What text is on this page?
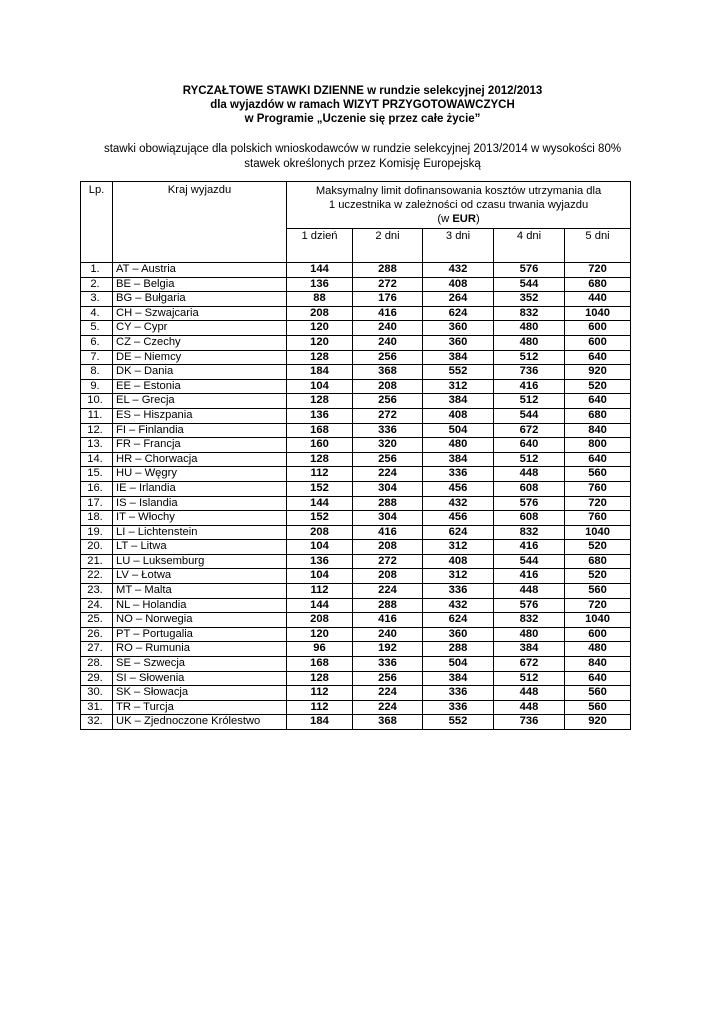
RYCZAŁTOWE STAWKI DZIENNE w rundzie selekcyjnej 2012/2013
dla wyjazdów w ramach WIZYT PRZYGOTOWAWCZYCH
w Programie „Uczenie się przez całe życie”
stawki obowiązujące dla polskich wnioskodawców w rundzie selekcyjnej 2013/2014 w wysokości 80%
stawek określonych przez Komisję Europejską
Lp.	Kraj wyjazdu	Maksymalny limit dofinansowania kosztów utrzymania dla
1 uczestnika w zależności od czasu trwania wyjazdu
(w EUR)				

		1 dzień	2 dni	3 dni	4 dni	5 dni
1.	AT – Austria	144	288	432	576	720
2.	BE – Belgia	136	272	408	544	680
3.	BG – Bułgaria	88	176	264	352	440
4.	CH – Szwajcaria	208	416	624	832	1040
5.	CY – Cypr	120	240	360	480	600
6.	CZ – Czechy	120	240	360	480	600
7.	DE – Niemcy	128	256	384	512	640
8.	DK – Dania	184	368	552	736	920
9.	EE – Estonia	104	208	312	416	520
10.	EL – Grecja	128	256	384	512	640
11.	ES – Hiszpania	136	272	408	544	680
12.	FI – Finlandia	168	336	504	672	840
13.	FR – Francja	160	320	480	640	800
14.	HR – Chorwacja	128	256	384	512	640
15.	HU – Węgry	112	224	336	448	560
16.	IE – Irlandia	152	304	456	608	760
17.	IS – Islandia	144	288	432	576	720
18.	IT – Włochy	152	304	456	608	760
19.	LI – Lichtenstein	208	416	624	832	1040
20.	LT – Litwa	104	208	312	416	520
21.	LU – Luksemburg	136	272	408	544	680
22.	LV – Łotwa	104	208	312	416	520
23.	MT – Malta	112	224	336	448	560
24.	NL – Holandia	144	288	432	576	720
25.	NO – Norwegia	208	416	624	832	1040
26.	PT – Portugalia	120	240	360	480	600
27.	RO – Rumunia	96	192	288	384	480
28.	SE – Szwecja	168	336	504	672	840
29.	SI – Słowenia	128	256	384	512	640
30.	SK – Słowacja	112	224	336	448	560
31.	TR – Turcja	112	224	336	448	560
32.	UK – Zjednoczone Królestwo	184	368	552	736	920
